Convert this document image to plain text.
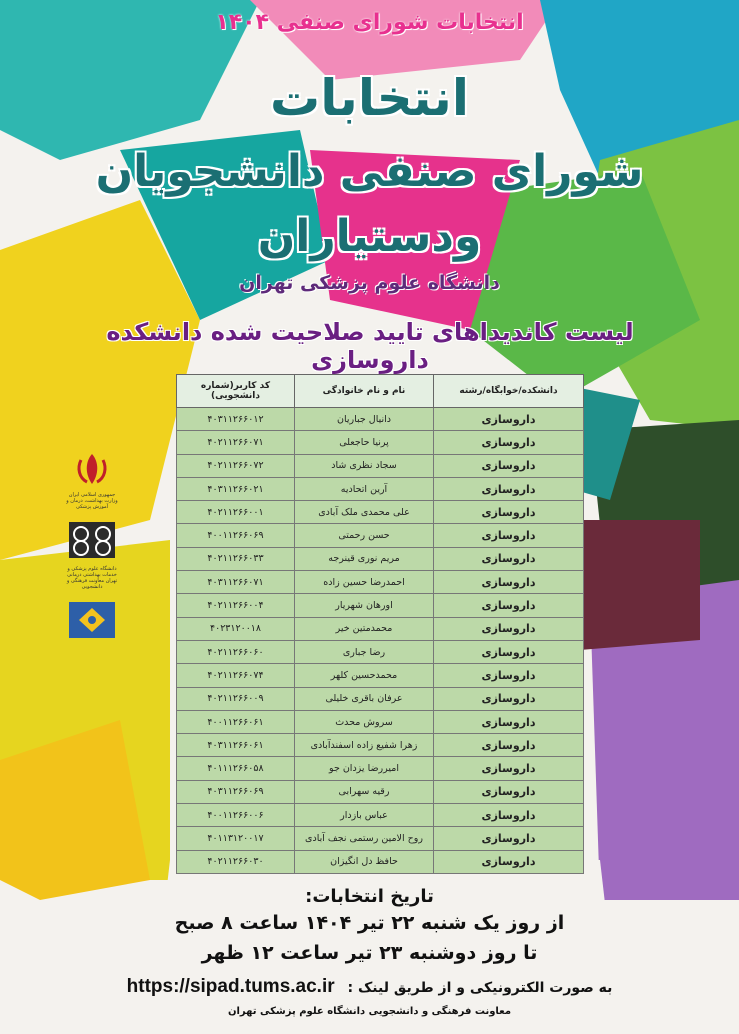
انتخابات شورای صنفی ۱۴۰۴
انتخابات
شورای صنفی دانشجویان
ودستیاران
دانشگاه علوم پزشکی تهران
لیست کاندیداهای تایید صلاحیت شده دانشکده داروسازی
جمهوری اسلامی ایران وزارت بهداشت، درمان و آموزش پزشکی
دانشگاه علوم پزشکی و خدمات بهداشتی درمانی تهران معاونت فرهنگی و دانشجویی
دانشکده/خوابگاه/رشته	نام و نام خانوادگی	کد کاربر(شماره دانشجویی)
داروسازی	دانیال جباریان	۴۰۳۱۱۲۶۶۰۱۲
داروسازی	پرنیا حاجعلی	۴۰۲۱۱۲۶۶۰۷۱
داروسازی	سجاد نظری شاد	۴۰۲۱۱۲۶۶۰۷۲
داروسازی	آرین اتحادیه	۴۰۳۱۱۲۶۶۰۲۱
داروسازی	علی محمدی ملک آبادی	۴۰۲۱۱۲۶۶۰۰۱
داروسازی	حسن رحمتی	۴۰۰۱۱۲۶۶۰۶۹
داروسازی	مریم نوری قینرجه	۴۰۲۱۱۲۶۶۰۳۳
داروسازی	احمدرضا حسین زاده	۴۰۳۱۱۲۶۶۰۷۱
داروسازی	اورهان شهریار	۴۰۲۱۱۲۶۶۰۰۴
داروسازی	محمدمتین خیر	۴۰۲۳۱۲۰۰۱۸
داروسازی	رضا جباری	۴۰۲۱۱۲۶۶۰۶۰
داروسازی	محمدحسین کلهر	۴۰۲۱۱۲۶۶۰۷۴
داروسازی	عرفان باقری خلیلی	۴۰۲۱۱۲۶۶۰۰۹
داروسازی	سروش محدث	۴۰۰۱۱۲۶۶۰۶۱
داروسازی	زهرا شفیع زاده اسفندآبادی	۴۰۳۱۱۲۶۶۰۶۱
داروسازی	امیررضا یزدان جو	۴۰۱۱۱۲۶۶۰۵۸
داروسازی	رقیه سهرابی	۴۰۳۱۱۲۶۶۰۶۹
داروسازی	عباس بازدار	۴۰۰۱۱۲۶۶۰۰۶
داروسازی	روح الامین رستمی نجف آبادی	۴۰۱۱۳۱۲۰۰۱۷
داروسازی	حافظ دل انگیزان	۴۰۲۱۱۲۶۶۰۳۰
تاریخ انتخابات:
از روز یک شنبه ۲۲ تیر ۱۴۰۴ ساعت ۸ صبح
تا روز دوشنبه ۲۳ تیر ساعت ۱۲ ظهر
به صورت الکترونیکی و از طریق لینک : https://sipad.tums.ac.ir
معاونت فرهنگی و دانشجویی دانشگاه علوم پزشکی تهران
